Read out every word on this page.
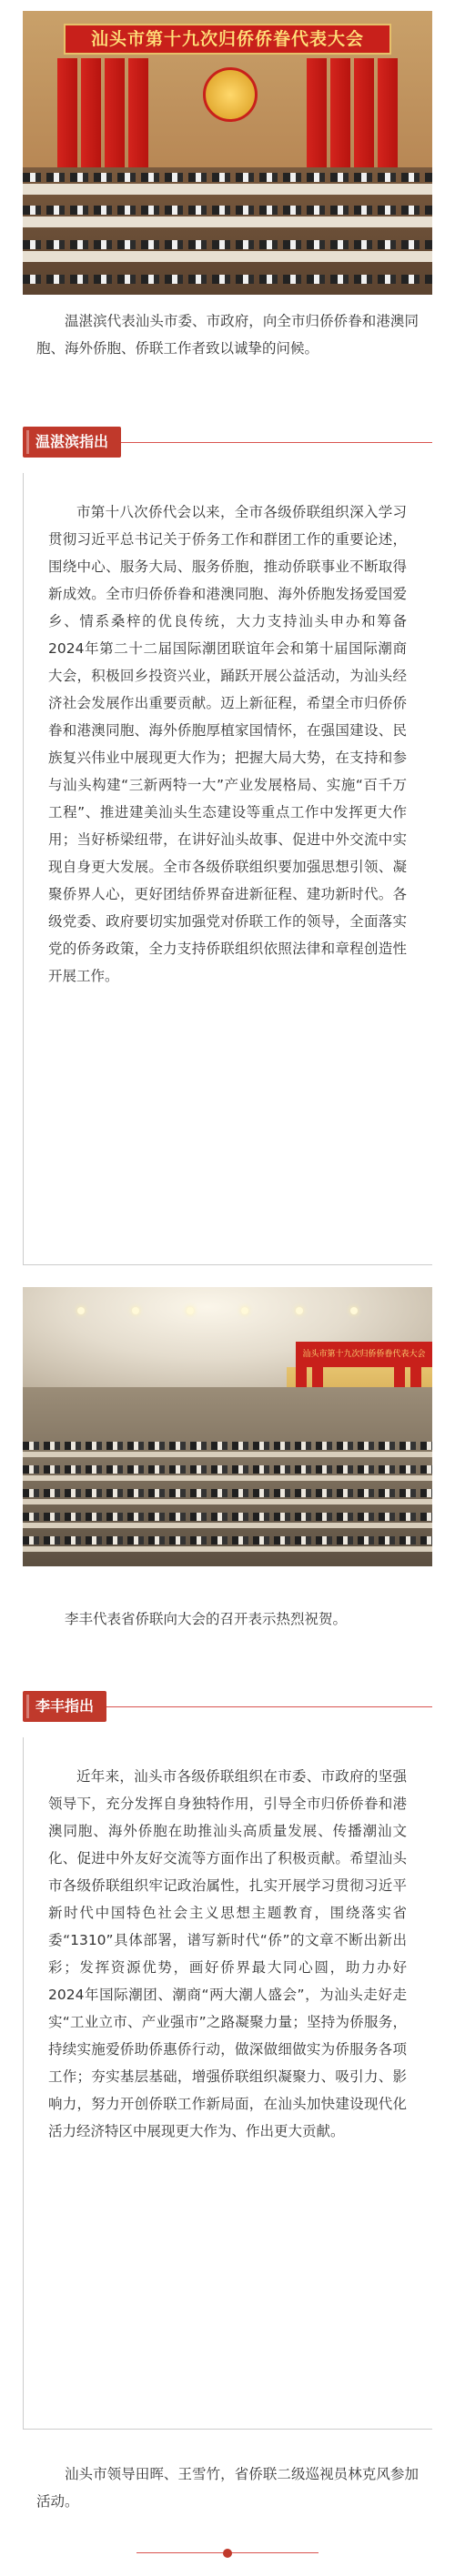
汕头市第十九次归侨侨眷代表大会

温湛滨代表汕头市委、市政府，向全市归侨侨眷和港澳同胞、海外侨胞、侨联工作者致以诚挚的问候。

温湛滨指出

市第十八次侨代会以来，全市各级侨联组织深入学习贯彻习近平总书记关于侨务工作和群团工作的重要论述，围绕中心、服务大局、服务侨胞，推动侨联事业不断取得新成效。全市归侨侨眷和港澳同胞、海外侨胞发扬爱国爱乡、情系桑梓的优良传统，大力支持汕头申办和筹备2024年第二十二届国际潮团联谊年会和第十届国际潮商大会，积极回乡投资兴业，踊跃开展公益活动，为汕头经济社会发展作出重要贡献。迈上新征程，希望全市归侨侨眷和港澳同胞、海外侨胞厚植家国情怀，在强国建设、民族复兴伟业中展现更大作为；把握大局大势，在支持和参与汕头构建“三新两特一大”产业发展格局、实施“百千万工程”、推进建美汕头生态建设等重点工作中发挥更大作用；当好桥梁纽带，在讲好汕头故事、促进中外交流中实现自身更大发展。全市各级侨联组织要加强思想引领、凝聚侨界人心，更好团结侨界奋进新征程、建功新时代。各级党委、政府要切实加强党对侨联工作的领导，全面落实党的侨务政策，全力支持侨联组织依照法律和章程创造性开展工作。

汕头市第十九次归侨侨眷代表大会

李丰代表省侨联向大会的召开表示热烈祝贺。

李丰指出

近年来，汕头市各级侨联组织在市委、市政府的坚强领导下，充分发挥自身独特作用，引导全市归侨侨眷和港澳同胞、海外侨胞在助推汕头高质量发展、传播潮汕文化、促进中外友好交流等方面作出了积极贡献。希望汕头市各级侨联组织牢记政治属性，扎实开展学习贯彻习近平新时代中国特色社会主义思想主题教育，围绕落实省委“1310”具体部署，谱写新时代“侨”的文章不断出新出彩；发挥资源优势，画好侨界最大同心圆，助力办好2024年国际潮团、潮商“两大潮人盛会”，为汕头走好走实“工业立市、产业强市”之路凝聚力量；坚持为侨服务，持续实施爱侨助侨惠侨行动，做深做细做实为侨服务各项工作；夯实基层基础，增强侨联组织凝聚力、吸引力、影响力，努力开创侨联工作新局面，在汕头加快建设现代化活力经济特区中展现更大作为、作出更大贡献。

汕头市领导田晖、王雪竹，省侨联二级巡视员林克风参加活动。
